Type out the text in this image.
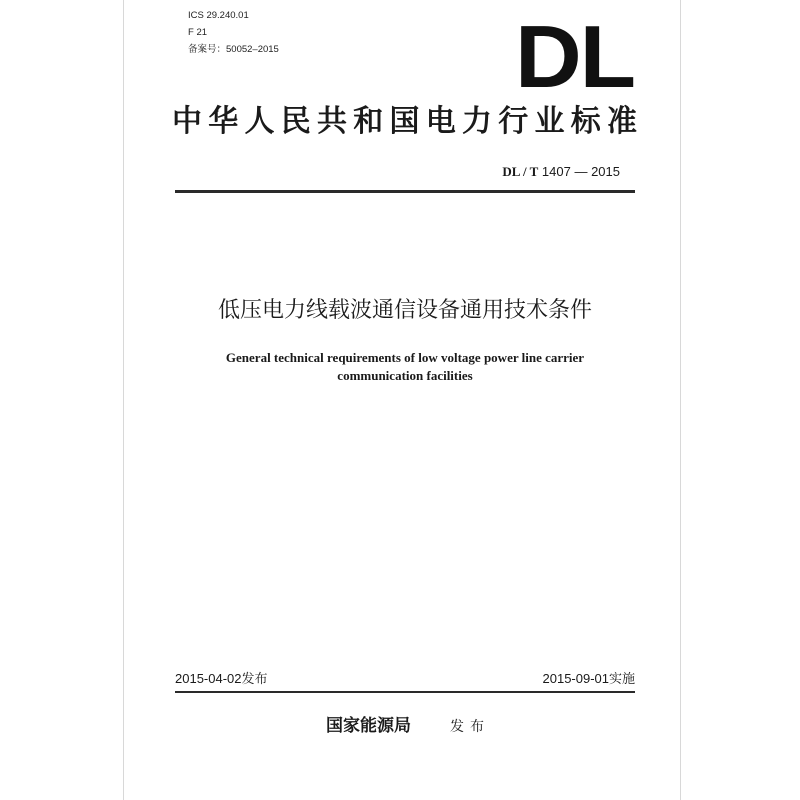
ICS 29.240.01
F 21
备案号：50052–2015	DL
中华人民共和国电力行业标准
DL / T 1407 — 2015
低压电力线载波通信设备通用技术条件
General technical requirements of low voltage power line carrier
communication facilities
2015-04-02发布	2015-09-01实施
国家能源局	发布
